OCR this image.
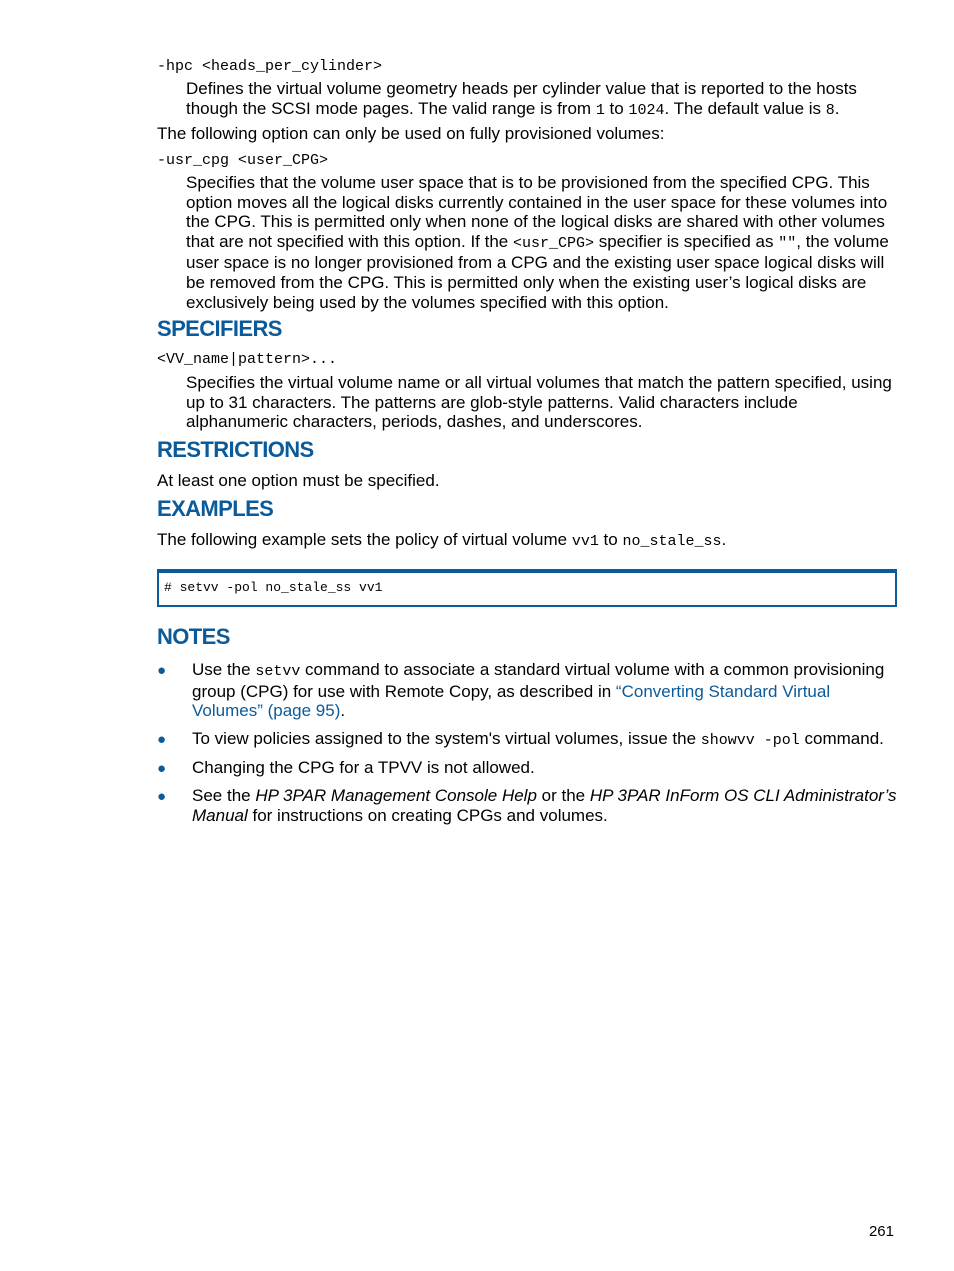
-hpc <heads_per_cylinder>
Defines the virtual volume geometry heads per cylinder value that is reported to the hosts though the SCSI mode pages. The valid range is from 1 to 1024. The default value is 8.
The following option can only be used on fully provisioned volumes:
-usr_cpg <user_CPG>
Specifies that the volume user space that is to be provisioned from the specified CPG. This option moves all the logical disks currently contained in the user space for these volumes into the CPG. This is permitted only when none of the logical disks are shared with other volumes that are not specified with this option. If the <usr_CPG> specifier is specified as "", the volume user space is no longer provisioned from a CPG and the existing user space logical disks will be removed from the CPG. This is permitted only when the existing user’s logical disks are exclusively being used by the volumes specified with this option.
SPECIFIERS
<VV_name|pattern>...
Specifies the virtual volume name or all virtual volumes that match the pattern specified, using up to 31 characters. The patterns are glob-style patterns. Valid characters include alphanumeric characters, periods, dashes, and underscores.
RESTRICTIONS
At least one option must be specified.
EXAMPLES
The following example sets the policy of virtual volume vv1 to no_stale_ss.
# setvv -pol no_stale_ss vv1
NOTES
● Use the setvv command to associate a standard virtual volume with a common provisioning group (CPG) for use with Remote Copy, as described in “Converting Standard Virtual Volumes” (page 95).
● To view policies assigned to the system's virtual volumes, issue the showvv -pol command.
● Changing the CPG for a TPVV is not allowed.
● See the HP 3PAR Management Console Help or the HP 3PAR InForm OS CLI Administrator’s Manual for instructions on creating CPGs and volumes.
261
